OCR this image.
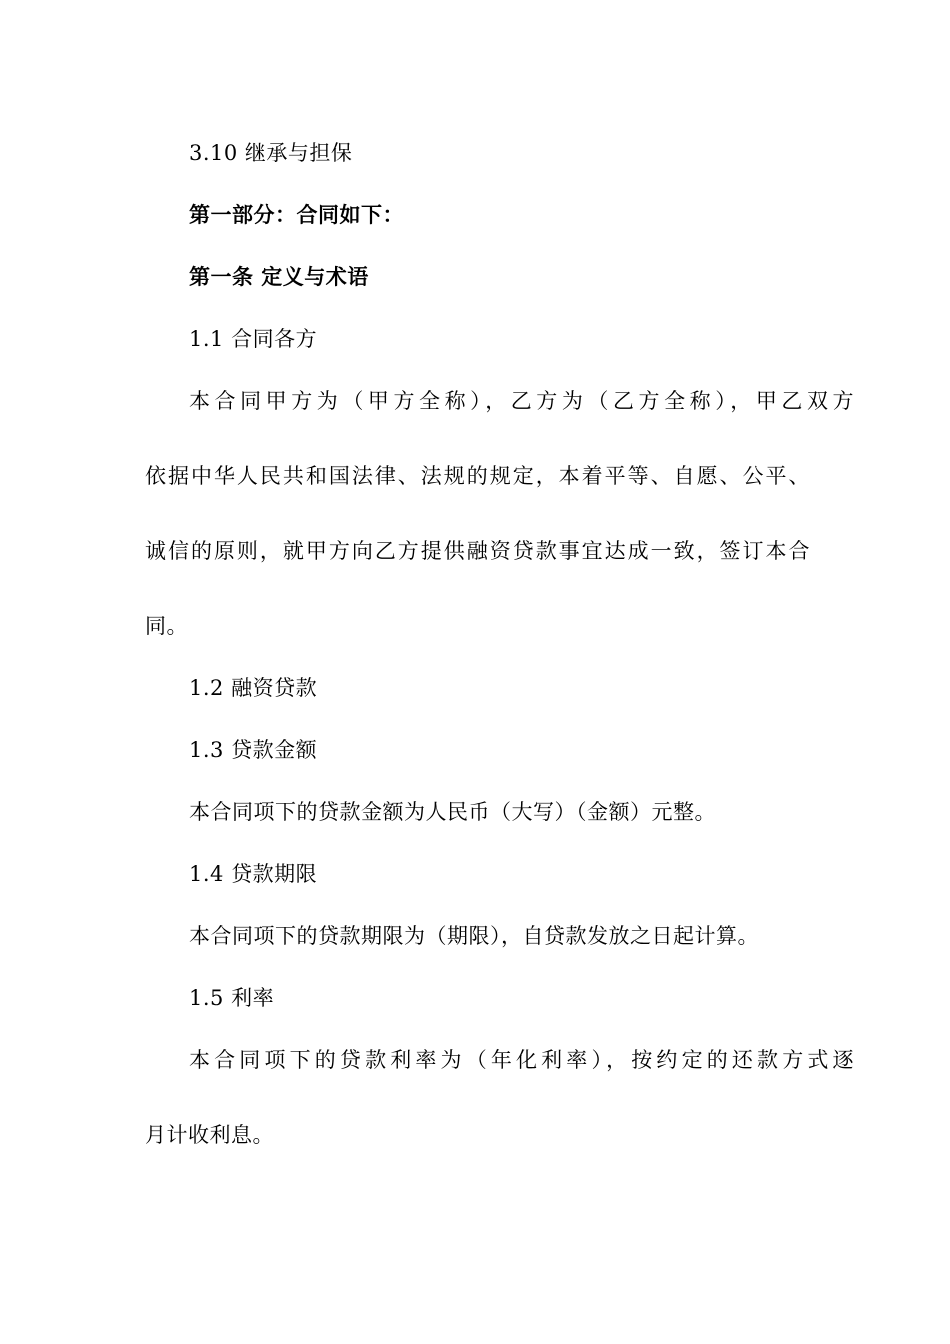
3.10 继承与担保
第一部分：合同如下：
第一条 定义与术语
1.1 合同各方
本合同甲方为（甲方全称），乙方为（乙方全称），甲乙双方
依据中华人民共和国法律、法规的规定，本着平等、自愿、公平、
诚信的原则，就甲方向乙方提供融资贷款事宜达成一致，签订本合
同。
1.2 融资贷款
1.3 贷款金额
本合同项下的贷款金额为人民币（大写）（金额）元整。
1.4 贷款期限
本合同项下的贷款期限为（期限），自贷款发放之日起计算。
1.5 利率
本合同项下的贷款利率为（年化利率），按约定的还款方式逐
月计收利息。
